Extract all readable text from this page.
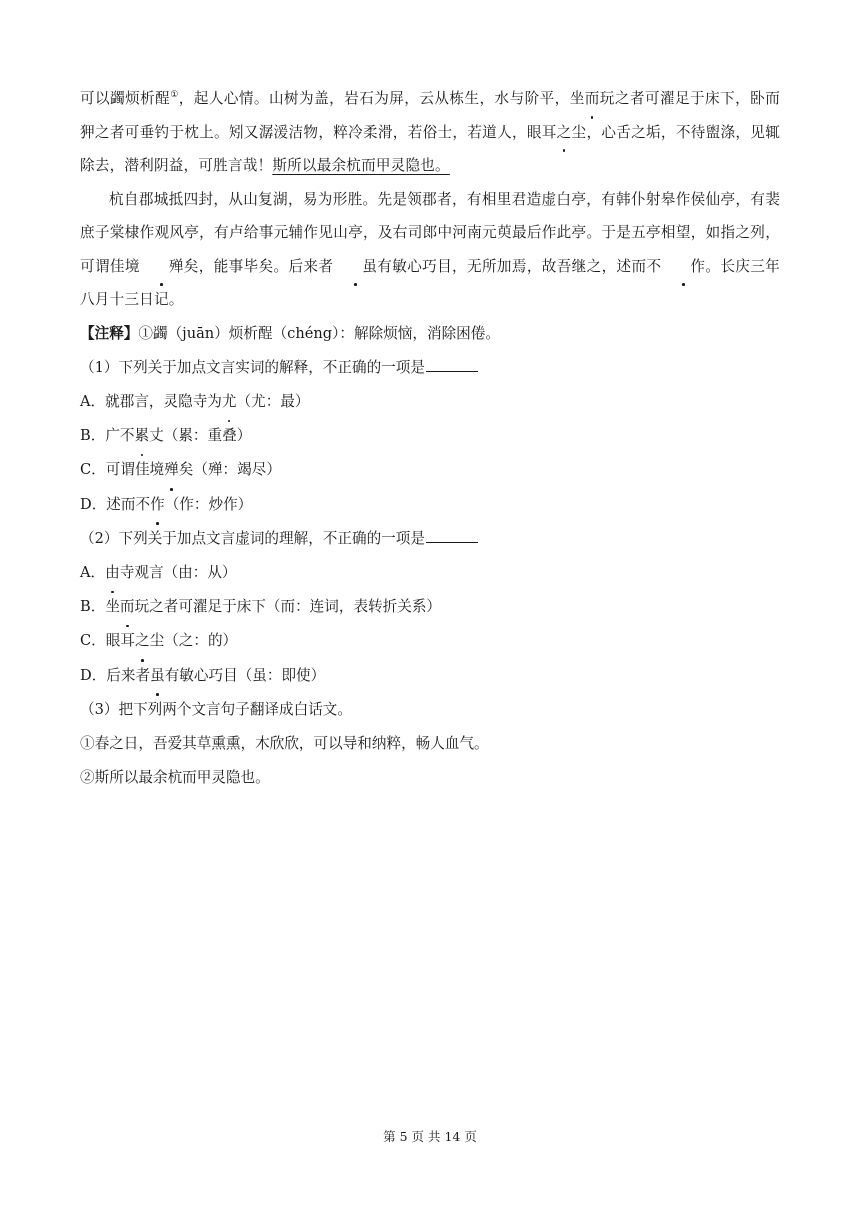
可以蠲烦析酲①，起人心情。山树为盖，岩石为屏，云从栋生，水与阶平，坐而玩之者可濯足于床下，卧而狎之者可垂钓于枕上。矧又潺湲洁物，粹冷柔滑，若俗士，若道人，眼耳之尘，心舌之垢，不待盥涤，见辄除去，潜利阴益，可胜言哉！斯所以最余杭而甲灵隐也。

杭自郡城抵四封，从山复湖，易为形胜。先是领郡者，有相里君造虚白亭，有韩仆射皋作侯仙亭，有裴庶子棠棣作观风亭，有卢给事元辅作见山亭，及右司郎中河南元萸最后作此亭。于是五亭相望，如指之列，可谓佳境 殚矣，能事毕矣。后来者 虽有敏心巧目，无所加焉，故吾继之，述而不 作。长庆三年八月十三日记。

【注释】①蠲（juān）烦析酲（chéng）：解除烦恼，消除困倦。

（1）下列关于加点文言实词的解释，不正确的一项是

A．就郡言，灵隐寺为尤（尤：最）

B．广不累丈（累：重叠）

C．可谓佳境殚矣（殚：竭尽）

D．述而不作（作：炒作）

（2）下列关于加点文言虚词的理解，不正确的一项是

A．由寺观言（由：从）

B．坐而玩之者可濯足于床下（而：连词，表转折关系）

C．眼耳之尘（之：的）

D．后来者虽有敏心巧目（虽：即使）

（3）把下列两个文言句子翻译成白话文。

①春之日，吾爱其草熏熏，木欣欣，可以导和纳粹，畅人血气。

②斯所以最余杭而甲灵隐也。

第 5 页 共 14 页
